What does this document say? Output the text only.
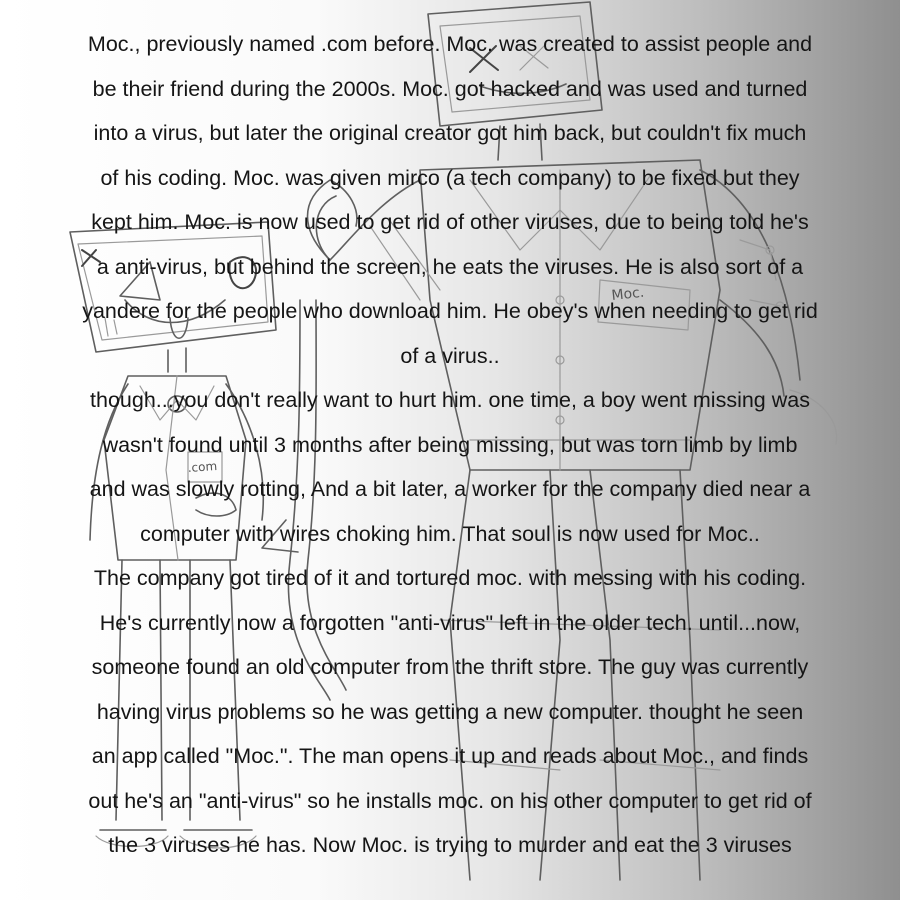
.com
Moc.
Moc., previously named .com before. Moc. was created to assist people and
be their friend during the 2000s. Moc. got hacked and was used and turned
into a virus, but later the original creator got him back, but couldn't fix much
of his coding. Moc. was given mirco (a tech company) to be fixed but they
kept him. Moc. is now used to get rid of other viruses, due to being told he's
a anti-virus, but behind the screen, he eats the viruses. He is also sort of a
yandere for the people who download him. He obey's when needing to get rid
of a virus..
though...you don't really want to hurt him. one time, a boy went missing was
wasn't found until 3 months after being missing, but was torn limb by limb
and was slowly rotting, And a bit later, a worker for the company died near a
computer with wires choking him. That soul is now used for Moc..
The company got tired of it and tortured moc. with messing with his coding.
He's currently now a forgotten "anti-virus" left in the older tech. until...now,
someone found an old computer from the thrift store. The guy was currently
having virus problems so he was getting a new computer. thought he seen
an app called "Moc.". The man opens it up and reads about Moc., and finds
out he's an "anti-virus" so he installs moc. on his other computer to get rid of
the 3 viruses he has. Now Moc. is trying to murder and eat the 3 viruses
